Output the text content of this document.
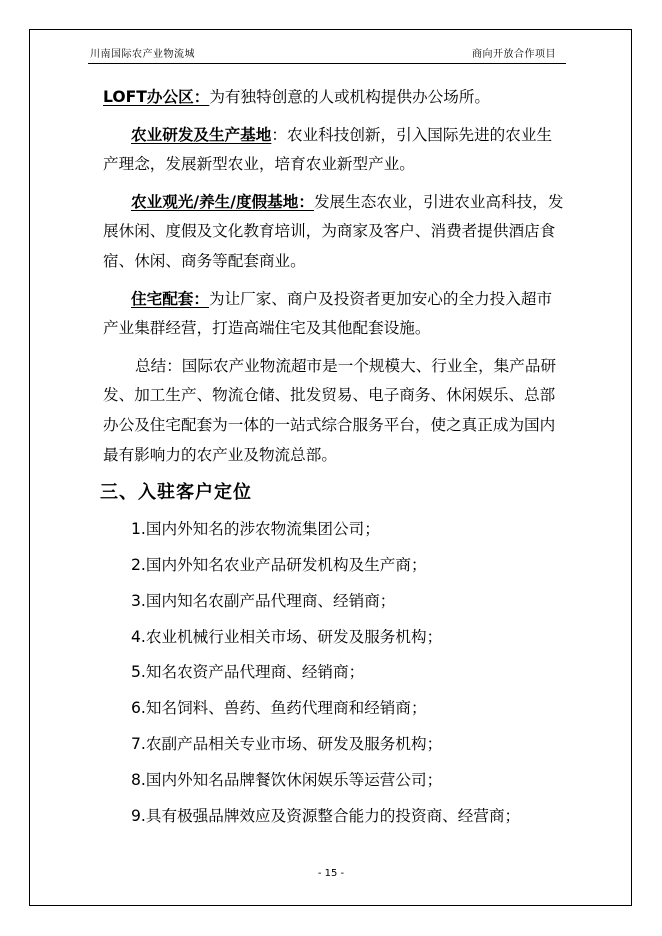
川南国际农产业物流城	商向开放合作项目

LOFT办公区：为有独特创意的人或机构提供办公场所。

农业研发及生产基地：农业科技创新，引入国际先进的农业生产理念，发展新型农业，培育农业新型产业。

农业观光/养生/度假基地：发展生态农业，引进农业高科技，发展休闲、度假及文化教育培训，为商家及客户、消费者提供酒店食宿、休闲、商务等配套商业。

住宅配套：为让厂家、商户及投资者更加安心的全力投入超市产业集群经营，打造高端住宅及其他配套设施。

总结：国际农产业物流超市是一个规模大、行业全，集产品研发、加工生产、物流仓储、批发贸易、电子商务、休闲娱乐、总部办公及住宅配套为一体的一站式综合服务平台，使之真正成为国内最有影响力的农产业及物流总部。

三、入驻客户定位
1.国内外知名的涉农物流集团公司；
2.国内外知名农业产品研发机构及生产商；
3.国内知名农副产品代理商、经销商；
4.农业机械行业相关市场、研发及服务机构；
5.知名农资产品代理商、经销商；
6.知名饲料、兽药、鱼药代理商和经销商；
7.农副产品相关专业市场、研发及服务机构；
8.国内外知名品牌餐饮休闲娱乐等运营公司；
9.具有极强品牌效应及资源整合能力的投资商、经营商；
- 15 -
